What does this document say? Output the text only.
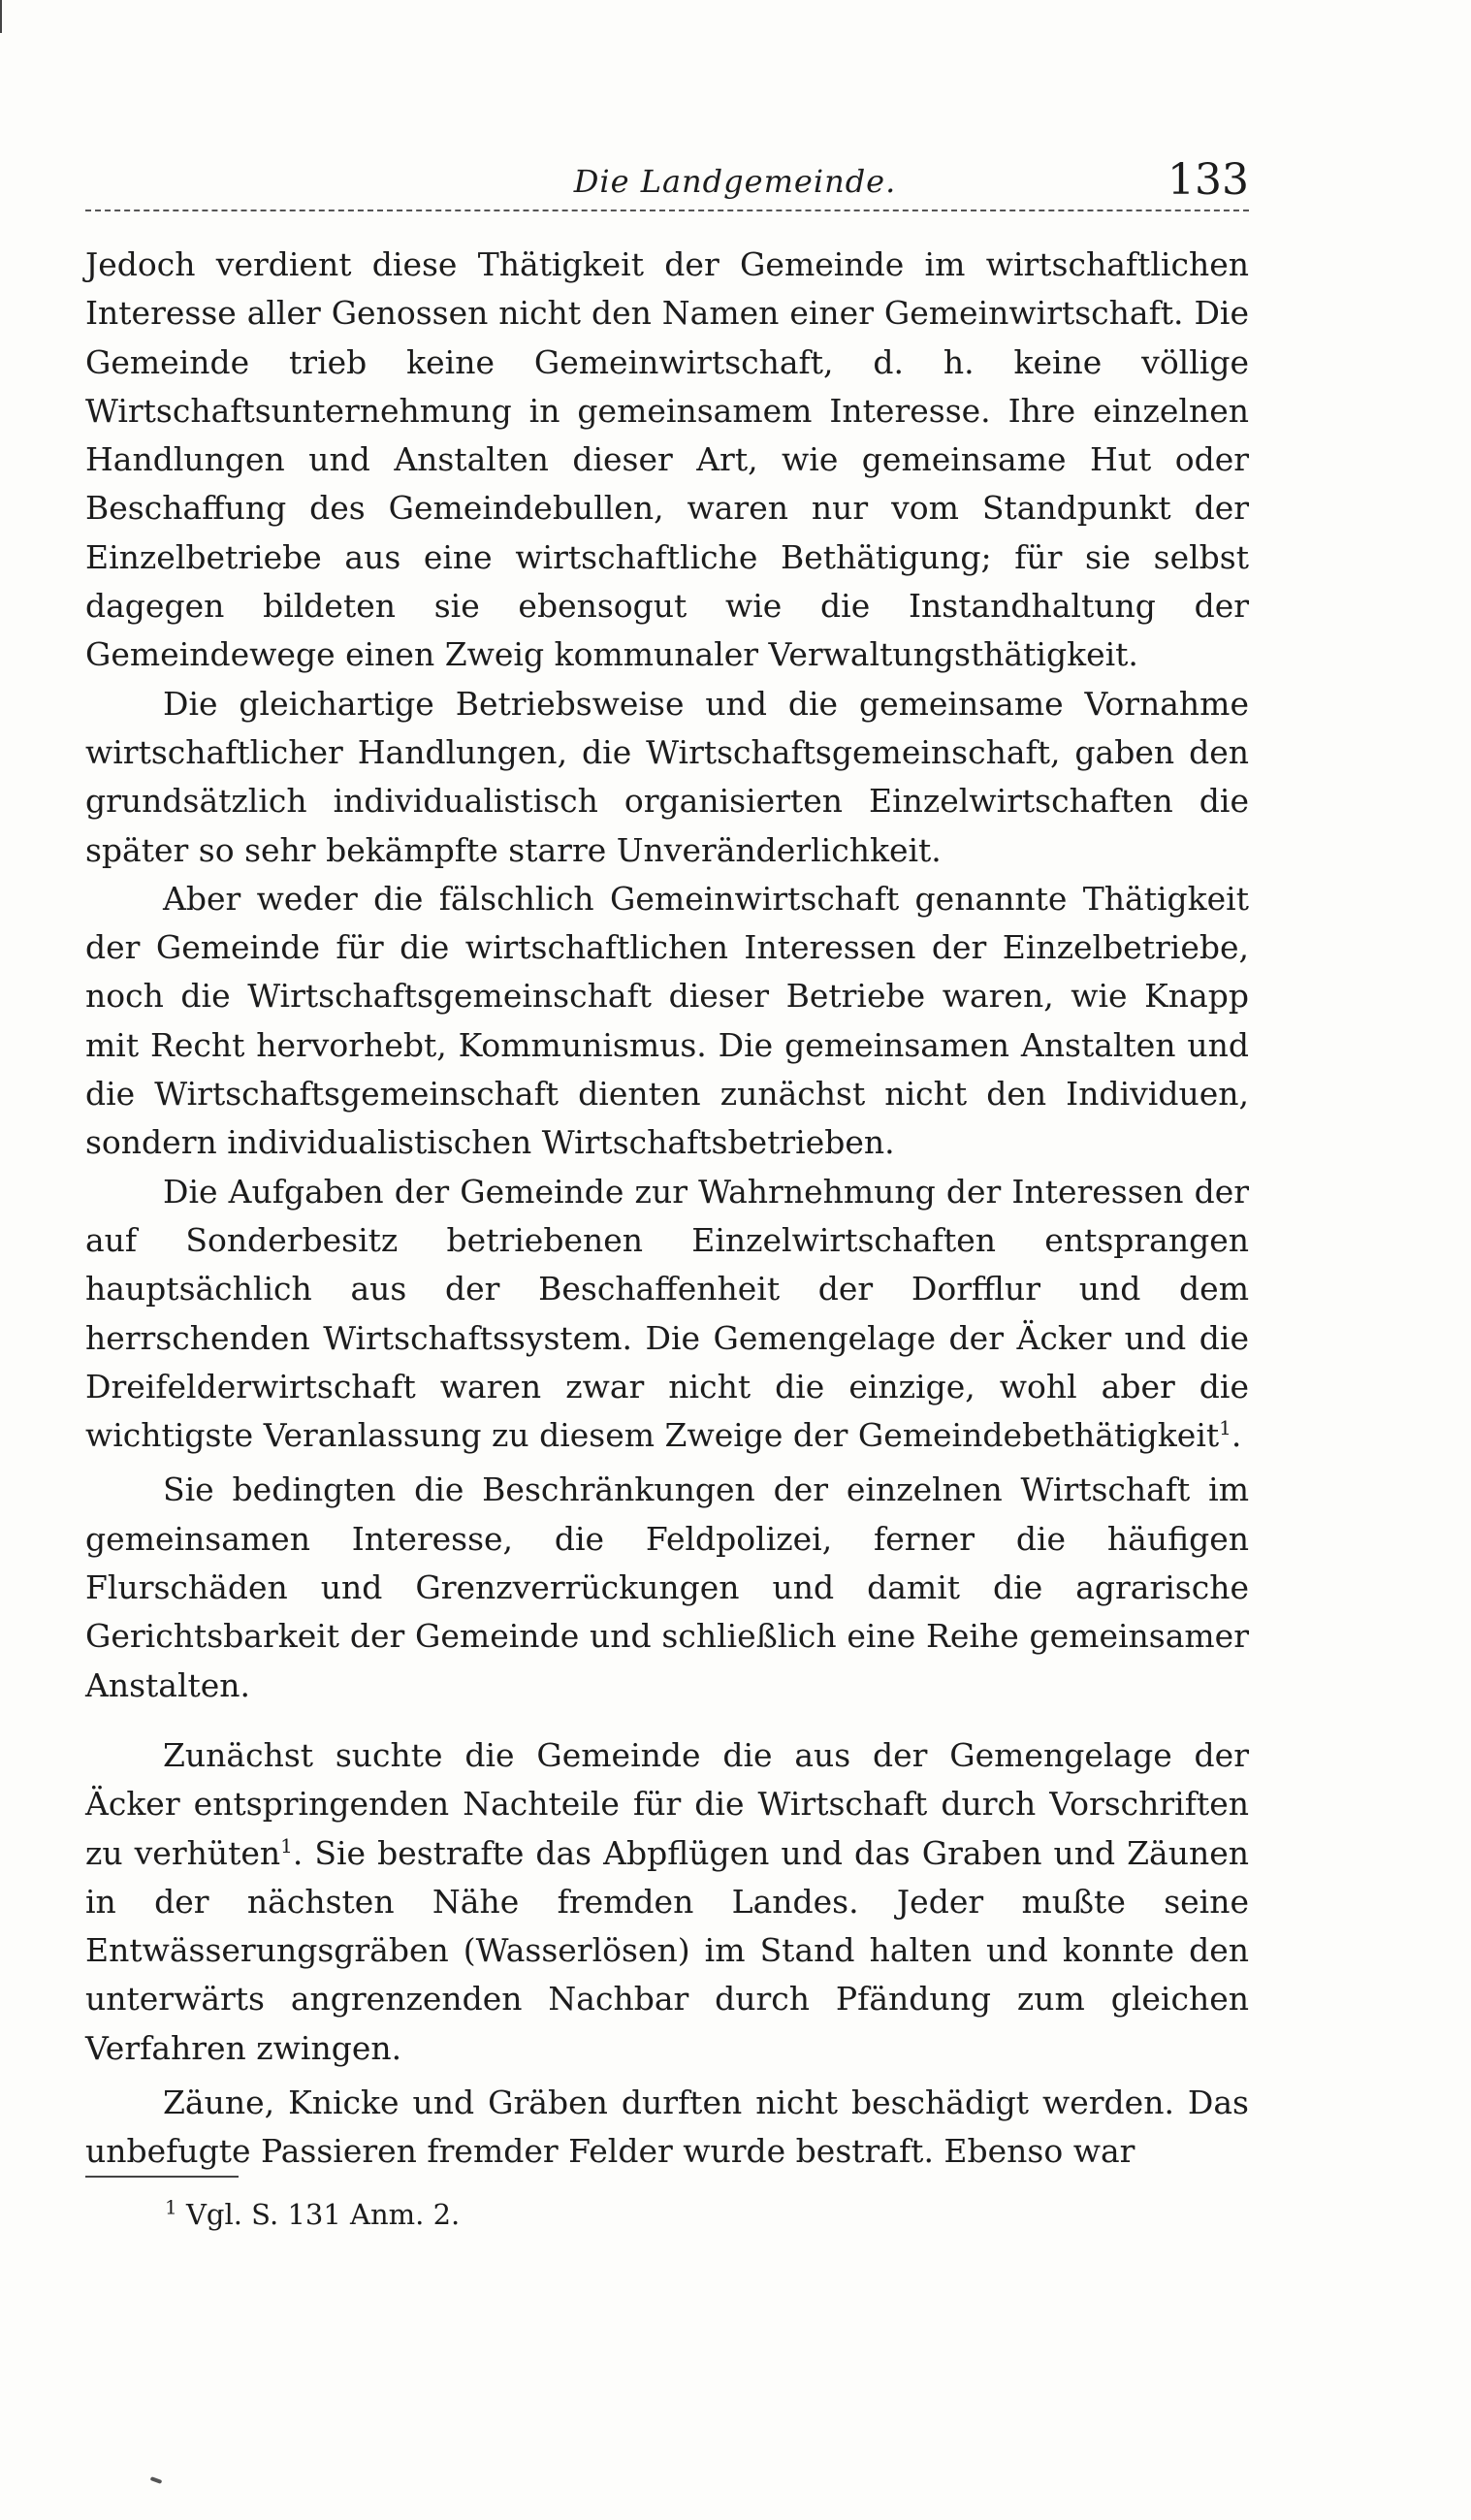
Die Landgemeinde.	133

Jedoch verdient diese Thätigkeit der Gemeinde im wirtschaftlichen Interesse aller Genossen nicht den Namen einer Gemeinwirtschaft. Die Gemeinde trieb keine Gemeinwirtschaft, d. h. keine völlige Wirtschaftsunternehmung in gemeinsamem Interesse. Ihre einzelnen Handlungen und Anstalten dieser Art, wie gemeinsame Hut oder Beschaffung des Gemeindebullen, waren nur vom Standpunkt der Einzelbetriebe aus eine wirtschaftliche Bethätigung; für sie selbst dagegen bildeten sie ebensogut wie die Instandhaltung der Gemeindewege einen Zweig kommunaler Verwaltungsthätigkeit.

Die gleichartige Betriebsweise und die gemeinsame Vornahme wirtschaftlicher Handlungen, die Wirtschaftsgemeinschaft, gaben den grundsätzlich individualistisch organisierten Einzelwirtschaften die später so sehr bekämpfte starre Unveränderlichkeit.

Aber weder die fälschlich Gemeinwirtschaft genannte Thätigkeit der Gemeinde für die wirtschaftlichen Interessen der Einzelbetriebe, noch die Wirtschaftsgemeinschaft dieser Betriebe waren, wie Knapp mit Recht hervorhebt, Kommunismus. Die gemeinsamen Anstalten und die Wirtschaftsgemeinschaft dienten zunächst nicht den Individuen, sondern individualistischen Wirtschaftsbetrieben.

Die Aufgaben der Gemeinde zur Wahrnehmung der Interessen der auf Sonderbesitz betriebenen Einzelwirtschaften entsprangen hauptsächlich aus der Beschaffenheit der Dorfflur und dem herrschenden Wirtschaftssystem. Die Gemengelage der Äcker und die Dreifelderwirtschaft waren zwar nicht die einzige, wohl aber die wichtigste Veranlassung zu diesem Zweige der Gemeindebethätigkeit$^1$.

Sie bedingten die Beschränkungen der einzelnen Wirtschaft im gemeinsamen Interesse, die Feldpolizei, ferner die häufigen Flurschäden und Grenzverrückungen und damit die agrarische Gerichtsbarkeit der Gemeinde und schließlich eine Reihe gemeinsamer Anstalten.

Zunächst suchte die Gemeinde die aus der Gemengelage der Äcker entspringenden Nachteile für die Wirtschaft durch Vorschriften zu verhüten$^1$. Sie bestrafte das Abpflügen und das Graben und Zäunen in der nächsten Nähe fremden Landes. Jeder mußte seine Entwässerungsgräben (Wasserlösen) im Stand halten und konnte den unterwärts angrenzenden Nachbar durch Pfändung zum gleichen Verfahren zwingen.

Zäune, Knicke und Gräben durften nicht beschädigt werden. Das unbefugte Passieren fremder Felder wurde bestraft. Ebenso war

$^1$ Vgl. S. 131 Anm. 2.
